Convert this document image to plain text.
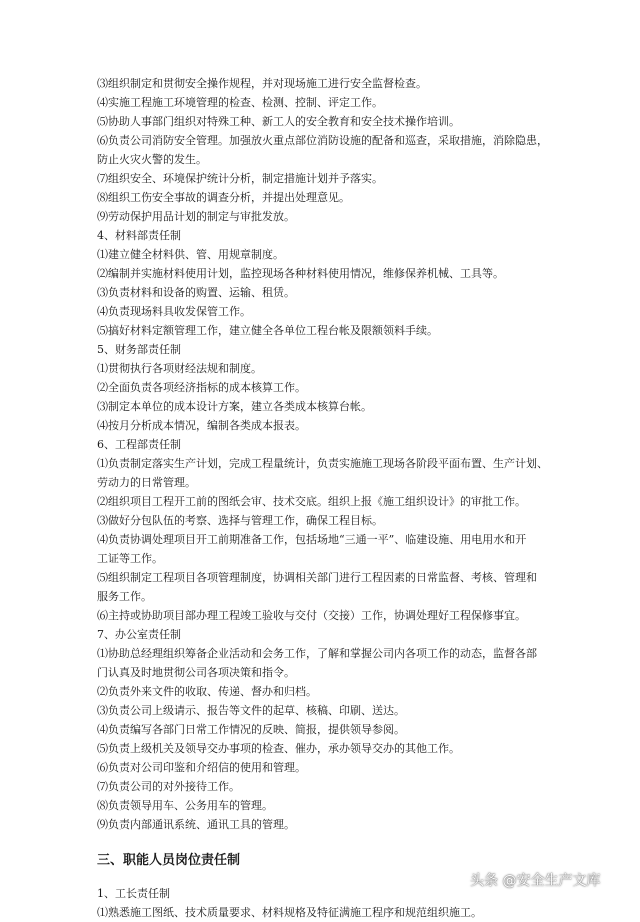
⑶组织制定和贯彻安全操作规程，并对现场施工进行安全监督检查。
⑷实施工程施工环境管理的检查、检测、控制、评定工作。
⑸协助人事部门组织对特殊工种、新工人的安全教育和安全技术操作培训。
⑹负责公司消防安全管理。加强放火重点部位消防设施的配备和巡查，采取措施，消除隐患，
防止火灾火警的发生。
⑺组织安全、环境保护统计分析，制定措施计划并予落实。
⑻组织工伤安全事故的调查分析，并提出处理意见。
⑼劳动保护用品计划的制定与审批发放。
4、材料部责任制
⑴建立健全材料供、管、用规章制度。
⑵编制并实施材料使用计划，监控现场各种材料使用情况，维修保养机械、工具等。
⑶负责材料和设备的购置、运输、租赁。
⑷负责现场料具收发保管工作。
⑸搞好材料定额管理工作，建立健全各单位工程台帐及限额领料手续。
5、财务部责任制
⑴贯彻执行各项财经法规和制度。
⑵全面负责各项经济指标的成本核算工作。
⑶制定本单位的成本设计方案，建立各类成本核算台帐。
⑷按月分析成本情况，编制各类成本报表。
6、工程部责任制
⑴负责制定落实生产计划，完成工程量统计，负责实施施工现场各阶段平面布置、生产计划、
劳动力的日常管理。
⑵组织项目工程开工前的图纸会审、技术交底。组织上报《施工组织设计》的审批工作。
⑶做好分包队伍的考察、选择与管理工作，确保工程目标。
⑷负责协调处理项目开工前期准备工作，包括场地“三通一平”、临建设施、用电用水和开
工证等工作。
⑸组织制定工程项目各项管理制度，协调相关部门进行工程因素的日常监督、考核、管理和
服务工作。
⑹主持或协助项目部办理工程竣工验收与交付（交接）工作，协调处理好工程保修事宜。
7、办公室责任制
⑴协助总经理组织筹备企业活动和会务工作，了解和掌握公司内各项工作的动态，监督各部
门认真及时地贯彻公司各项决策和指令。
⑵负责外来文件的收取、传递、督办和归档。
⑶负责公司上级请示、报告等文件的起草、核稿、印刷、送达。
⑷负责编写各部门日常工作情况的反映、简报，提供领导参阅。
⑸负责上级机关及领导交办事项的检查、催办，承办领导交办的其他工作。
⑹负责对公司印鉴和介绍信的使用和管理。
⑺负责公司的对外接待工作。
⑻负责领导用车、公务用车的管理。
⑼负责内部通讯系统、通讯工具的管理。
三、职能人员岗位责任制
1、工长责任制
⑴熟悉施工图纸、技术质量要求、材料规格及特征满施工程序和规范组织施工。
头条 @安全生产文库
